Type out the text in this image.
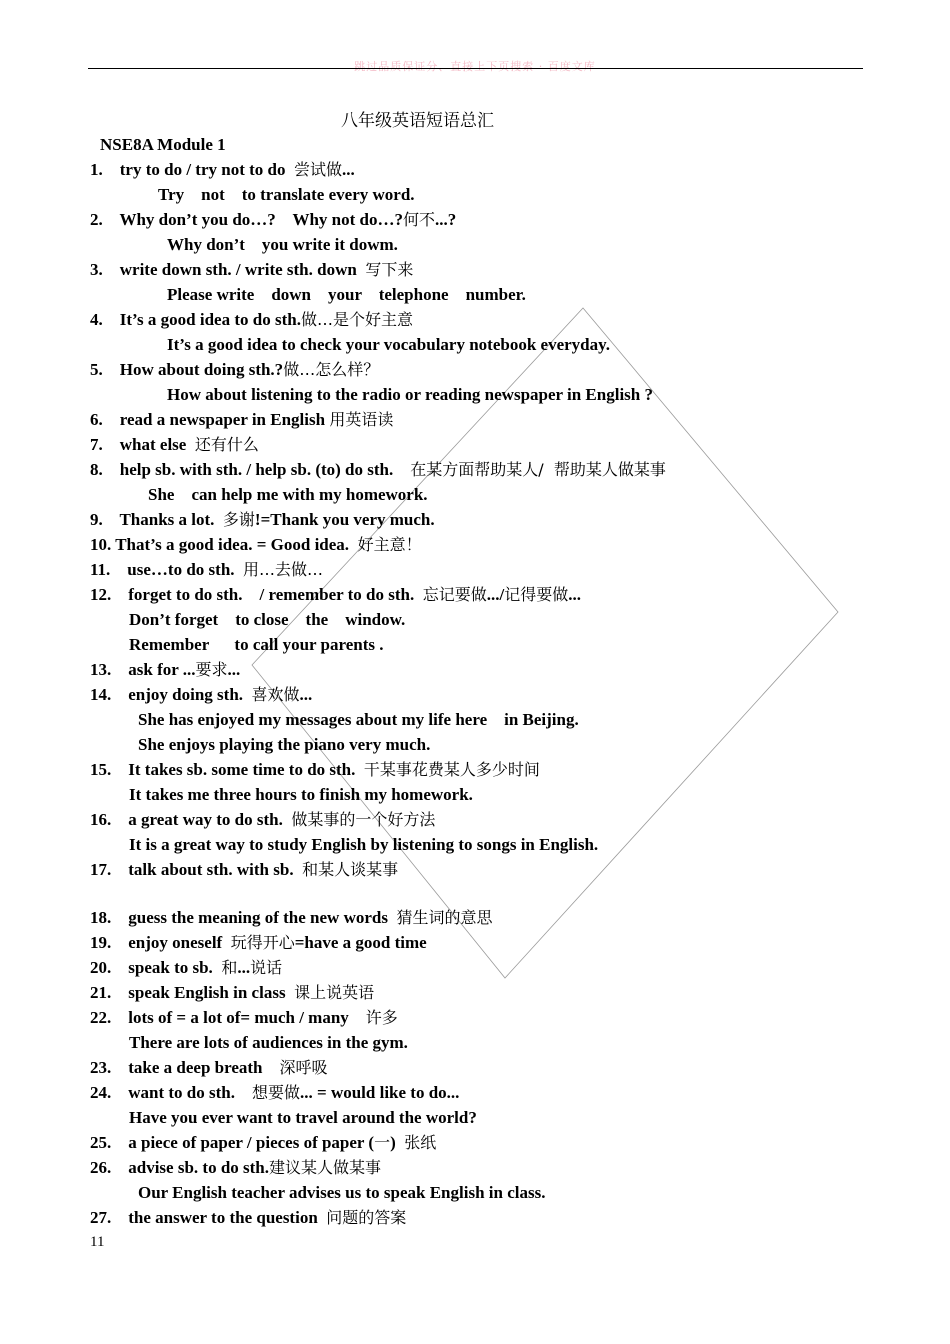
跳过品质保证分、直接上下页搜索 · 百度文库
八年级英语短语总汇
NSE8A Module 1
1.    try to do / try not to do  尝试做...
Try    not    to translate every word.
2.    Why don’t you do…?    Why not do…?何不...?
Why don’t    you write it dowm.
3.    write down sth. / write sth. down  写下来
Please write    down    your    telephone    number.
4.    It’s a good idea to do sth.做…是个好主意
It’s a good idea to check your vocabulary notebook everyday.
5.    How about doing sth.?做…怎么样？
How about listening to the radio or reading newspaper in English ?
6.    read a newspaper in English 用英语读
7.    what else  还有什么
8.    help sb. with sth. / help sb. (to) do sth.    在某方面帮助某人/  帮助某人做某事
She    can help me with my homework.
9.    Thanks a lot.  多谢!=Thank you very much.
10. That’s a good idea. = Good idea.  好主意！
11.    use…to do sth.  用…去做…
12.    forget to do sth.    / remember to do sth.  忘记要做.../记得要做...
Don’t forget    to close    the    window.
Remember      to call your parents .
13.    ask for ...要求...
14.    enjoy doing sth.  喜欢做...
She has enjoyed my messages about my life here    in Beijing.
She enjoys playing the piano very much.
15.    It takes sb. some time to do sth.  干某事花费某人多少时间
It takes me three hours to finish my homework.
16.    a great way to do sth.  做某事的一个好方法
It is a great way to study English by listening to songs in English.
17.    talk about sth. with sb.  和某人谈某事
18.    guess the meaning of the new words  猜生词的意思
19.    enjoy oneself  玩得开心=have a good time
20.    speak to sb.  和...说话
21.    speak English in class  课上说英语
22.    lots of = a lot of= much / many    许多
There are lots of audiences in the gym.
23.    take a deep breath    深呼吸
24.    want to do sth.    想要做... = would like to do...
Have you ever want to travel around the world?
25.    a piece of paper / pieces of paper (一)  张纸
26.    advise sb. to do sth.建议某人做某事
Our English teacher advises us to speak English in class.
27.    the answer to the question  问题的答案
11
